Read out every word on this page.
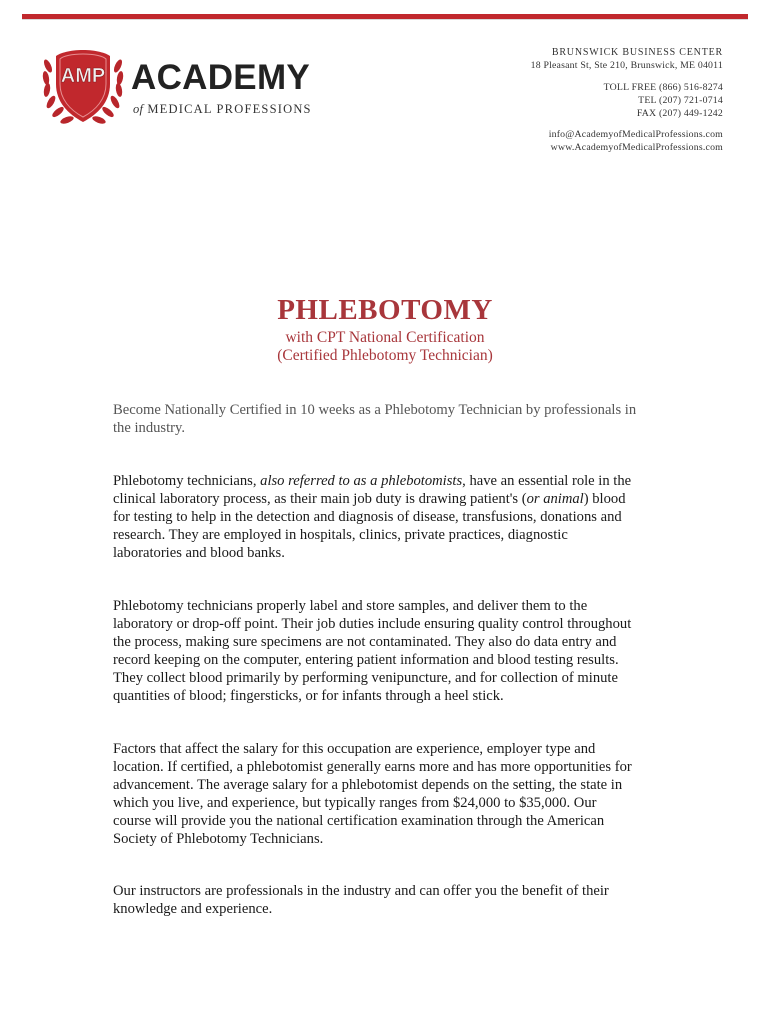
AMP ACADEMY
of MEDICAL PROFESSIONS
BRUNSWICK BUSINESS CENTER
18 Pleasant St, Ste 210, Brunswick, ME 04011
TOLL FREE (866) 516-8274
TEL (207) 721-0714
FAX (207) 449-1242
info@AcademyofMedicalProfessions.com
www.AcademyofMedicalProfessions.com
PHLEBOTOMY
with CPT National Certification
(Certified Phlebotomy Technician)
Become Nationally Certified in 10 weeks as a Phlebotomy Technician by professionals in
the industry.
Phlebotomy technicians, also referred to as a phlebotomists, have an essential role in the
clinical laboratory process, as their main job duty is drawing patient's (or animal) blood
for testing to help in the detection and diagnosis of disease, transfusions, donations and
research. They are employed in hospitals, clinics, private practices, diagnostic
laboratories and blood banks.
Phlebotomy technicians properly label and store samples, and deliver them to the
laboratory or drop-off point. Their job duties include ensuring quality control throughout
the process, making sure specimens are not contaminated. They also do data entry and
record keeping on the computer, entering patient information and blood testing results.
They collect blood primarily by performing venipuncture, and for collection of minute
quantities of blood; fingersticks, or for infants through a heel stick.
Factors that affect the salary for this occupation are experience, employer type and
location. If certified, a phlebotomist generally earns more and has more opportunities for
advancement. The average salary for a phlebotomist depends on the setting, the state in
which you live, and experience, but typically ranges from $24,000 to $35,000. Our
course will provide you the national certification examination through the American
Society of Phlebotomy Technicians.
Our instructors are professionals in the industry and can offer you the benefit of their
knowledge and experience.
